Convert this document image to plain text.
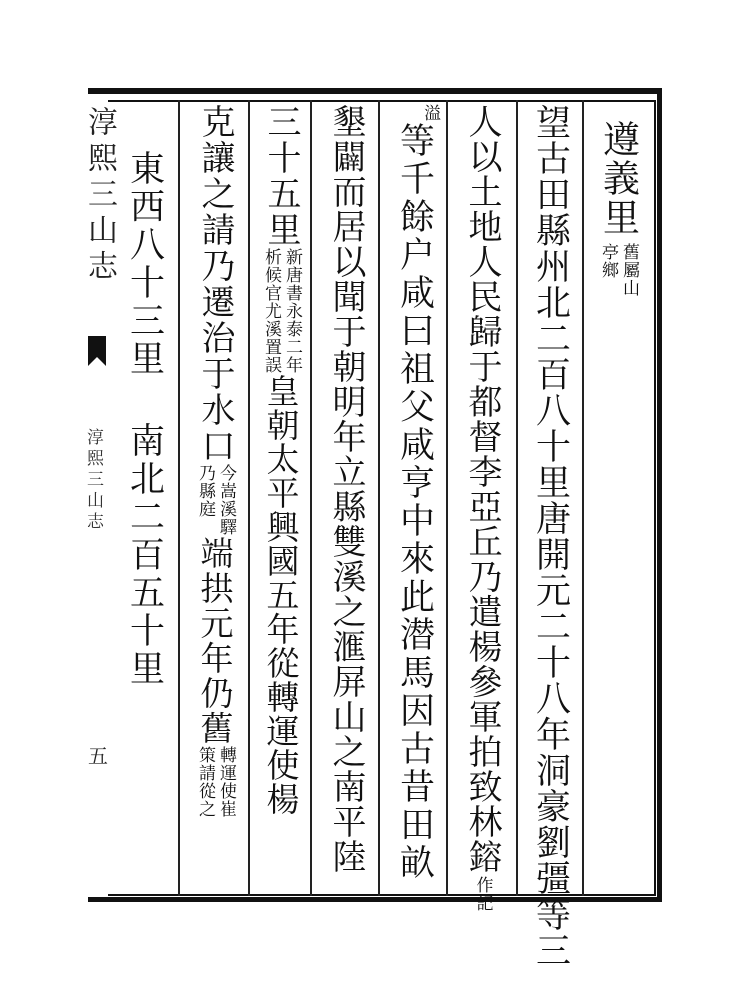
淳熙三山志
淳熙三山志
五
遵義里
舊屬山
亭鄉
望古田縣州北二百八十里唐開元二十八年洞豪劉彊等三
人以土地人民歸于都督李亞丘乃遣楊參軍拍致林鎔
作記
溢
等千餘户咸曰祖父咸亨中來此潜馬因古昔田畝
墾闢而居以聞于朝明年立縣雙溪之滙屏山之南平陸
三十五里
新唐書永泰二年
析候官尤溪置誤
皇朝太平興國五年從轉運使楊
克讓之請乃遷治于水口
今嵩溪驛
乃縣庭
端拱元年仍舊
轉運使崔
策請從之
東西八十三里
南北二百五十里
